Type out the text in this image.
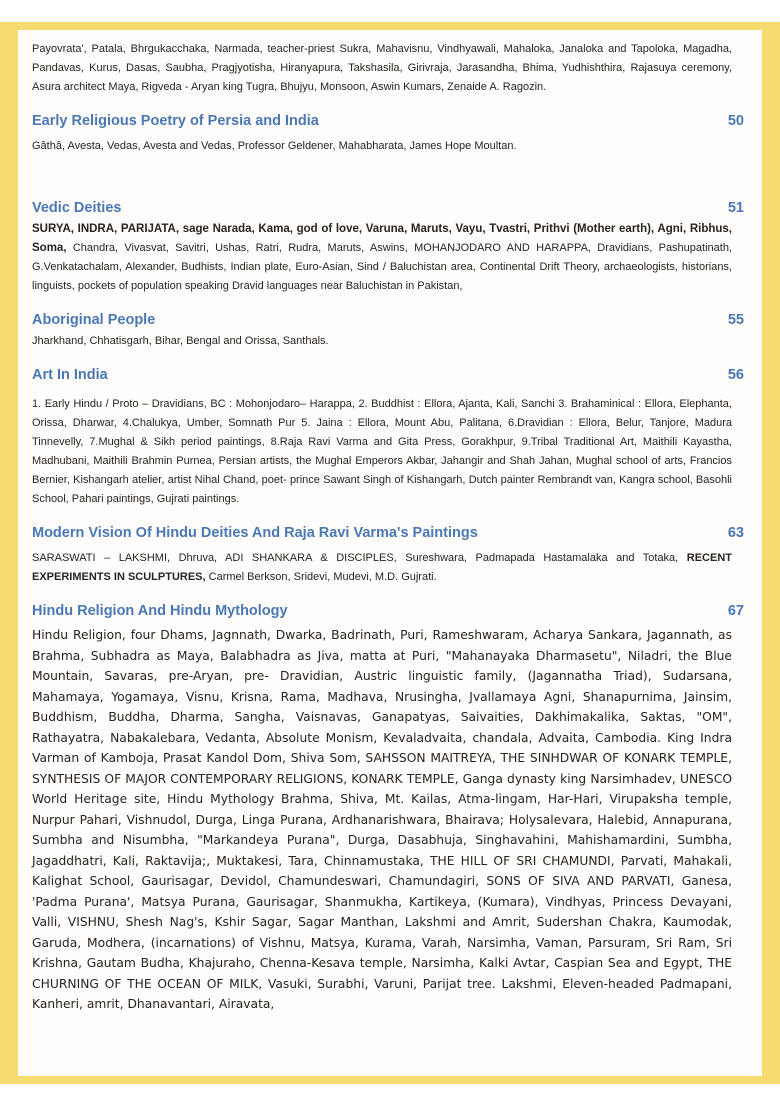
Payovrata', Patala, Bhrgukacchaka, Narmada, teacher-priest Sukra, Mahavisnu, Vindhyawali, Mahaloka, Janaloka and Tapoloka, Magadha, Pandavas, Kurus, Dasas, Saubha, Pragjyotisha, Hiranyapura, Takshasila, Girivraja, Jarasandha, Bhima, Yudhishthira, Rajasuya ceremony, Asura architect Maya, Rigveda - Aryan king Tugra, Bhujyu, Monsoon, Aswin Kumars, Zenaide A. Ragozin.
Early Religious Poetry of Persia and India	50
Gâthâ, Avesta, Vedas, Avesta and Vedas, Professor Geldener, Mahabharata, James Hope Moultan.
Vedic Deities	51
SURYA, INDRA, PARIJATA, sage Narada, Kama, god of love, Varuna, Maruts, Vayu, Tvastri, Prithvi (Mother earth), Agni, Ribhus, Soma, Chandra, Vivasvat, Savitri, Ushas, Ratri, Rudra, Maruts, Aswins, MOHANJODARO AND HARAPPA, Dravidians, Pashupatinath, G.Venkatachalam, Alexander, Budhists, Indian plate, Euro-Asian, Sind / Baluchistan area, Continental Drift Theory, archaeologists, historians, linguists, pockets of population speaking Dravid languages near Baluchistan in Pakistan,
Aboriginal People	55
Jharkhand, Chhatisgarh, Bihar, Bengal and Orissa, Santhals.
Art In India	56
1. Early Hindu / Proto – Dravidians, BC : Mohonjodaro– Harappa, 2. Buddhist : Ellora, Ajanta, Kali, Sanchi 3. Brahaminical : Ellora, Elephanta, Orissa, Dharwar, 4.Chalukya, Umber, Somnath Pur 5. Jaina : Ellora, Mount Abu, Palitana, 6.Dravidian : Ellora, Belur, Tanjore, Madura Tinnevelly, 7.Mughal & Sikh period paintings, 8.Raja Ravi Varma and Gita Press, Gorakhpur, 9.Tribal Traditional Art, Maithili Kayastha, Madhubani, Maithili Brahmin Purnea, Persian artists, the Mughal Emperors Akbar, Jahangir and Shah Jahan, Mughal school of arts, Francios Bernier, Kishangarh atelier, artist Nihal Chand, poet- prince Sawant Singh of Kishangarh, Dutch painter Rembrandt van, Kangra school, Basohli School, Pahari paintings, Gujrati paintings.
Modern Vision Of Hindu Deities And Raja Ravi Varma's Paintings	63
SARASWATI – LAKSHMI, Dhruva, ADI SHANKARA & DISCIPLES, Sureshwara, Padmapada Hastamalaka and Totaka, RECENT EXPERIMENTS IN SCULPTURES, Carmel Berkson, Sridevi, Mudevi, M.D. Gujrati.
Hindu Religion And Hindu Mythology	67
Hindu Religion, four Dhams, Jagnnath, Dwarka, Badrinath, Puri, Rameshwaram, Acharya Sankara, Jagannath, as Brahma, Subhadra as Maya, Balabhadra as Jiva, matta at Puri, "Mahanayaka Dharmasetu", Niladri, the Blue Mountain, Savaras, pre-Aryan, pre- Dravidian, Austric linguistic family, (Jagannatha Triad), Sudarsana, Mahamaya, Yogamaya, Visnu, Krisna, Rama, Madhava, Nrusingha, Jvallamaya Agni, Shanapurnima, Jainsim, Buddhism, Buddha, Dharma, Sangha, Vaisnavas, Ganapatyas, Saivaities, Dakhimakalika, Saktas, "OM", Rathayatra, Nabakalebara, Vedanta, Absolute Monism, Kevaladvaita, chandala, Advaita, Cambodia. King Indra Varman of Kamboja, Prasat Kandol Dom, Shiva Som, SAHSSON MAITREYA, THE SINHDWAR OF KONARK TEMPLE, SYNTHESIS OF MAJOR CONTEMPORARY RELIGIONS, KONARK TEMPLE, Ganga dynasty king Narsimhadev, UNESCO World Heritage site, Hindu Mythology Brahma, Shiva, Mt. Kailas, Atma-lingam, Har-Hari, Virupaksha temple, Nurpur Pahari, Vishnudol, Durga, Linga Purana, Ardhanarishwara, Bhairava; Holysalevara, Halebid, Annapurana, Sumbha and Nisumbha, "Markandeya Purana", Durga, Dasabhuja, Singhavahini, Mahishamardini, Sumbha, Jagaddhatri, Kali, Raktavija;, Muktakesi, Tara, Chinnamustaka, THE HILL OF SRI CHAMUNDI, Parvati, Mahakali, Kalighat School, Gaurisagar, Devidol, Chamundeswari, Chamundagiri, SONS OF SIVA AND PARVATI, Ganesa, 'Padma Purana', Matsya Purana, Gaurisagar, Shanmukha, Kartikeya, (Kumara), Vindhyas, Princess Devayani, Valli, VISHNU, Shesh Nag's, Kshir Sagar, Sagar Manthan, Lakshmi and Amrit, Sudershan Chakra, Kaumodak, Garuda, Modhera, (incarnations) of Vishnu, Matsya, Kurama, Varah, Narsimha, Vaman, Parsuram, Sri Ram, Sri Krishna, Gautam Budha, Khajuraho, Chenna-Kesava temple, Narsimha, Kalki Avtar, Caspian Sea and Egypt, THE CHURNING OF THE OCEAN OF MILK, Vasuki, Surabhi, Varuni, Parijat tree. Lakshmi, Eleven-headed Padmapani, Kanheri, amrit, Dhanavantari, Airavata,
